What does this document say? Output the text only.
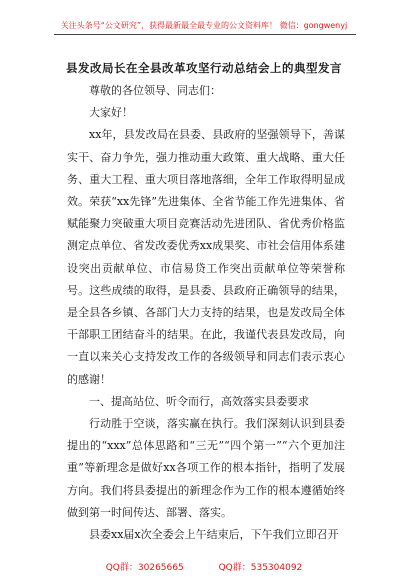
关注头条号“公文研究”，获得最新最全最专业的公文资料库！ 微信：gongwenyj
县发改局长在全县改革攻坚行动总结会上的典型发言

尊敬的各位领导、同志们：

大家好！

xx年，县发改局在县委、县政府的坚强领导下，善谋实干、奋力争先，强力推动重大政策、重大战略、重大任务、重大工程、重大项目落地落细，全年工作取得明显成效。荣获“xx先锋”先进集体、全省节能工作先进集体、省赋能聚力突破重大项目竞赛活动先进团队、省优秀价格监测定点单位、省发改委优秀xx成果奖、市社会信用体系建设突出贡献单位、市信易贷工作突出贡献单位等荣誉称号。这些成绩的取得，是县委、县政府正确领导的结果，是全县各乡镇、各部门大力支持的结果，也是发改局全体干部职工团结奋斗的结果。在此，我谨代表县发改局，向一直以来关心支持发改工作的各级领导和同志们表示衷心的感谢！

一、提高站位、听令而行，高效落实县委要求

行动胜于空谈，落实赢在执行。我们深刻认识到县委提出的“xxx”总体思路和“三无”“四个第一”“六个更加注重”等新理念是做好xx各项工作的根本指针，指明了发展方向。我们将县委提出的新理念作为工作的根本遵循始终做到第一时间传达、部署、落实。

县委xx届x次全委会上午结束后，下午我们立即召开

QQ群：30265665	QQ群：535304092
